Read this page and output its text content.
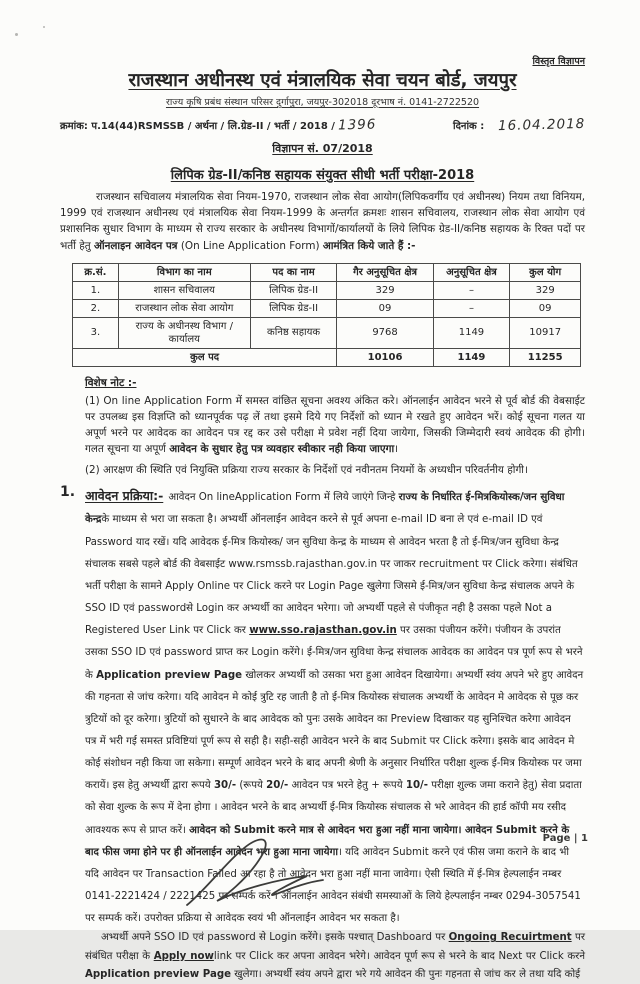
विस्तृत विज्ञापन
राजस्थान अधीनस्थ एवं मंत्रालयिक सेवा चयन बोर्ड, जयपुर
राज्य कृषि प्रबंध संस्थान परिसर दुर्गापुरा, जयपुर-302018 दूरभाष नं. 0141-2722520
क्रमांक: प.14(44)RSMSSB / अर्थना / लि.ग्रेड-II / भर्ती / 2018 / 1396	दिनांक : 16.04.2018
विज्ञापन सं. 07/2018
लिपिक ग्रेड-II/कनिष्ठ सहायक संयुक्त सीधी भर्ती परीक्षा-2018
राजस्थान सचिवालय मंत्रालयिक सेवा नियम-1970, राजस्थान लोक सेवा आयोग(लिपिकवर्गीय एवं अधीनस्थ) नियम तथा विनियम, 1999 एवं राजस्थान अधीनस्थ एवं मंत्रालयिक सेवा नियम-1999 के अन्तर्गत क्रमशः शासन सचिवालय, राजस्थान लोक सेवा आयोग एवं प्रशासनिक सुधार विभाग के माध्यम से राज्य सरकार के अधीनस्थ विभागों/कार्यालयों के लिये लिपिक ग्रेड-II/कनिष्ठ सहायक के रिक्त पदों पर भर्ती हेतु ऑनलाइन आवेदन पत्र (On Line Application Form) आमंत्रित किये जाते हैं :-
क्र.सं.	विभाग का नाम	पद का नाम	गैर अनुसूचित क्षेत्र	अनुसूचित क्षेत्र	कुल योग
1.	शासन सचिवालय	लिपिक ग्रेड-II	329	–	329
2.	राजस्थान लोक सेवा आयोग	लिपिक ग्रेड-II	09	–	09
3.	राज्य के अधीनस्थ विभाग / कार्यालय	कनिष्ठ सहायक	9768	1149	10917
कुल पद			10106	1149	11255
विशेष नोट :-
(1) On line Application Form में समस्त वांछित सूचना अवश्य अंकित करे। ऑनलाईन आवेदन भरने से पूर्व बोर्ड की वेबसाईट पर उपलब्ध इस विज्ञप्ति को ध्यानपूर्वक पढ़ लें तथा इसमे दिये गए निर्देशों को ध्यान मे रखते हुए आवेदन भरें। कोई सूचना गलत या अपूर्ण भरने पर आवेदक का आवेदन पत्र रद्द कर उसे परीक्षा मे प्रवेश नहीं दिया जायेगा, जिसकी जिम्मेदारी स्वयं आवेदक की होगी। गलत सूचना या अपूर्ण आवेदन के सुधार हेतु पत्र व्यवहार स्वीकार नही किया जाएगा।
(2) आरक्षण की स्थिति एवं नियुक्ति प्रक्रिया राज्य सरकार के निर्देशों एवं नवीनतम नियमों के अध्यधीन परिवर्तनीय होगी।
1. आवेदन प्रक्रिया:- आवेदन On lineApplication Form में लिये जाएंगे जिन्हे राज्य के निर्धारित ई-मित्रकियोस्क/जन सुविधा केन्द्रके माध्यम से भरा जा सकता है। अभ्यर्थी ऑनलाईन आवेदन करने से पूर्व अपना e-mail ID बना ले एवं e-mail ID एवं Password याद रखें। यदि आवेदक ई-मित्र कियोस्क/ जन सुविधा केन्द्र के माध्यम से आवेदन भरता है तो ई-मित्र/जन सुविधा केन्द्र संचालक सबसे पहले बोर्ड की वेबसाईट www.rsmssb.rajasthan.gov.in पर जाकर recruitment पर Click करेगा। संबंधित भर्ती परीक्षा के सामने Apply Online पर Click करने पर Login Page खुलेगा जिसमे ई-मित्र/जन सुविधा केन्द्र संचालक अपने के SSO ID एवं passwordसे Login कर अभ्यर्थी का आवेदन भरेगा। जो अभ्यर्थी पहले से पंजीकृत नही है उसका पहले Not a Registered User Link पर Click कर www.sso.rajasthan.gov.in पर उसका पंजीयन करेंगे। पंजीयन के उपरांत उसका SSO ID एवं password प्राप्त कर Login करेंगे। ई-मित्र/जन सुविधा केन्द्र संचालक आवेदक का आवेदन पत्र पूर्ण रूप से भरने के Application preview Page खोलकर अभ्यर्थी को उसका भरा हुआ आवेदन दिखायेगा। अभ्यर्थी स्वंय अपने भरे हुए आवेदन की गहनता से जांच करेगा। यदि आवेदन मे कोई त्रुटि रह जाती है तो ई-मित्र कियोस्क संचालक अभ्यर्थी के आवेदन मे आवेदक से पूछ कर त्रुटियों को दूर करेगा। त्रुटियों को सुधारने के बाद आवेदक को पुनः उसके आवेदन का Preview दिखाकर यह सुनिश्चित करेगा आवेदन पत्र में भरी गई समस्त प्रविष्टियां पूर्ण रूप से सही है। सही-सही आवेदन भरने के बाद Submit पर Click करेगा। इसके बाद आवेदन मे कोई संशोधन नही किया जा सकेगा। सम्पूर्ण आवेदन भरने के बाद अपनी श्रेणी के अनुसार निर्धारित परीक्षा शुल्क ई-मित्र कियोस्क पर जमा करायें। इस हेतु अभ्यर्थी द्वारा रूपये 30/- (रूपये 20/- आवेदन पत्र भरने हेतु + रूपये 10/- परीक्षा शुल्क जमा कराने हेतु) सेवा प्रदाता को सेवा शुल्क के रूप में देना होगा । आवेदन भरने के बाद अभ्यर्थी ई-मित्र कियोस्क संचालक से भरे आवेदन की हार्ड कॉपी मय रसीद आवश्यक रूप से प्राप्त करें। आवेदन को Submit करने मात्र से आवेदन भरा हुआ नहीं माना जायेगा। आवेदन Submit करने के बाद फीस जमा होने पर ही ऑनलाईन आवेदन भरा हुआ माना जायेगा। यदि आवेदन Submit करने एवं फीस जमा कराने के बाद भी यदि आवेदन पर Transaction Failed आ रहा है तो आवेदन भरा हुआ नहीं माना जावेगा। ऐसी स्थिति में ई-मित्र हेल्पलाईन नम्बर 0141-2221424 / 2221425 पर सम्पर्क करें । ऑनलाईन आवेदन संबंधी समस्याओं के लिये हेल्पलाईन नम्बर 0294-3057541 पर सम्पर्क करें। उपरोक्त प्रक्रिया से आवेदक स्वयं भी ऑनलाईन आवेदन भर सकता है।
अभ्यर्थी अपने SSO ID एवं password से Login करेंगे। इसके पश्चात् Dashboard पर Ongoing Recuirtment पर संबंधित परीक्षा के Apply nowlink पर Click कर अपना आवेदन भरेगे। आवेदन पूर्ण रूप से भरने के बाद Next पर Click करने Application preview Page खुलेगा। अभ्यर्थी स्वंय अपने द्वारा भरे गये आवेदन की पुनः गहनता से जांच कर ले तथा यदि कोई
Page | 1
